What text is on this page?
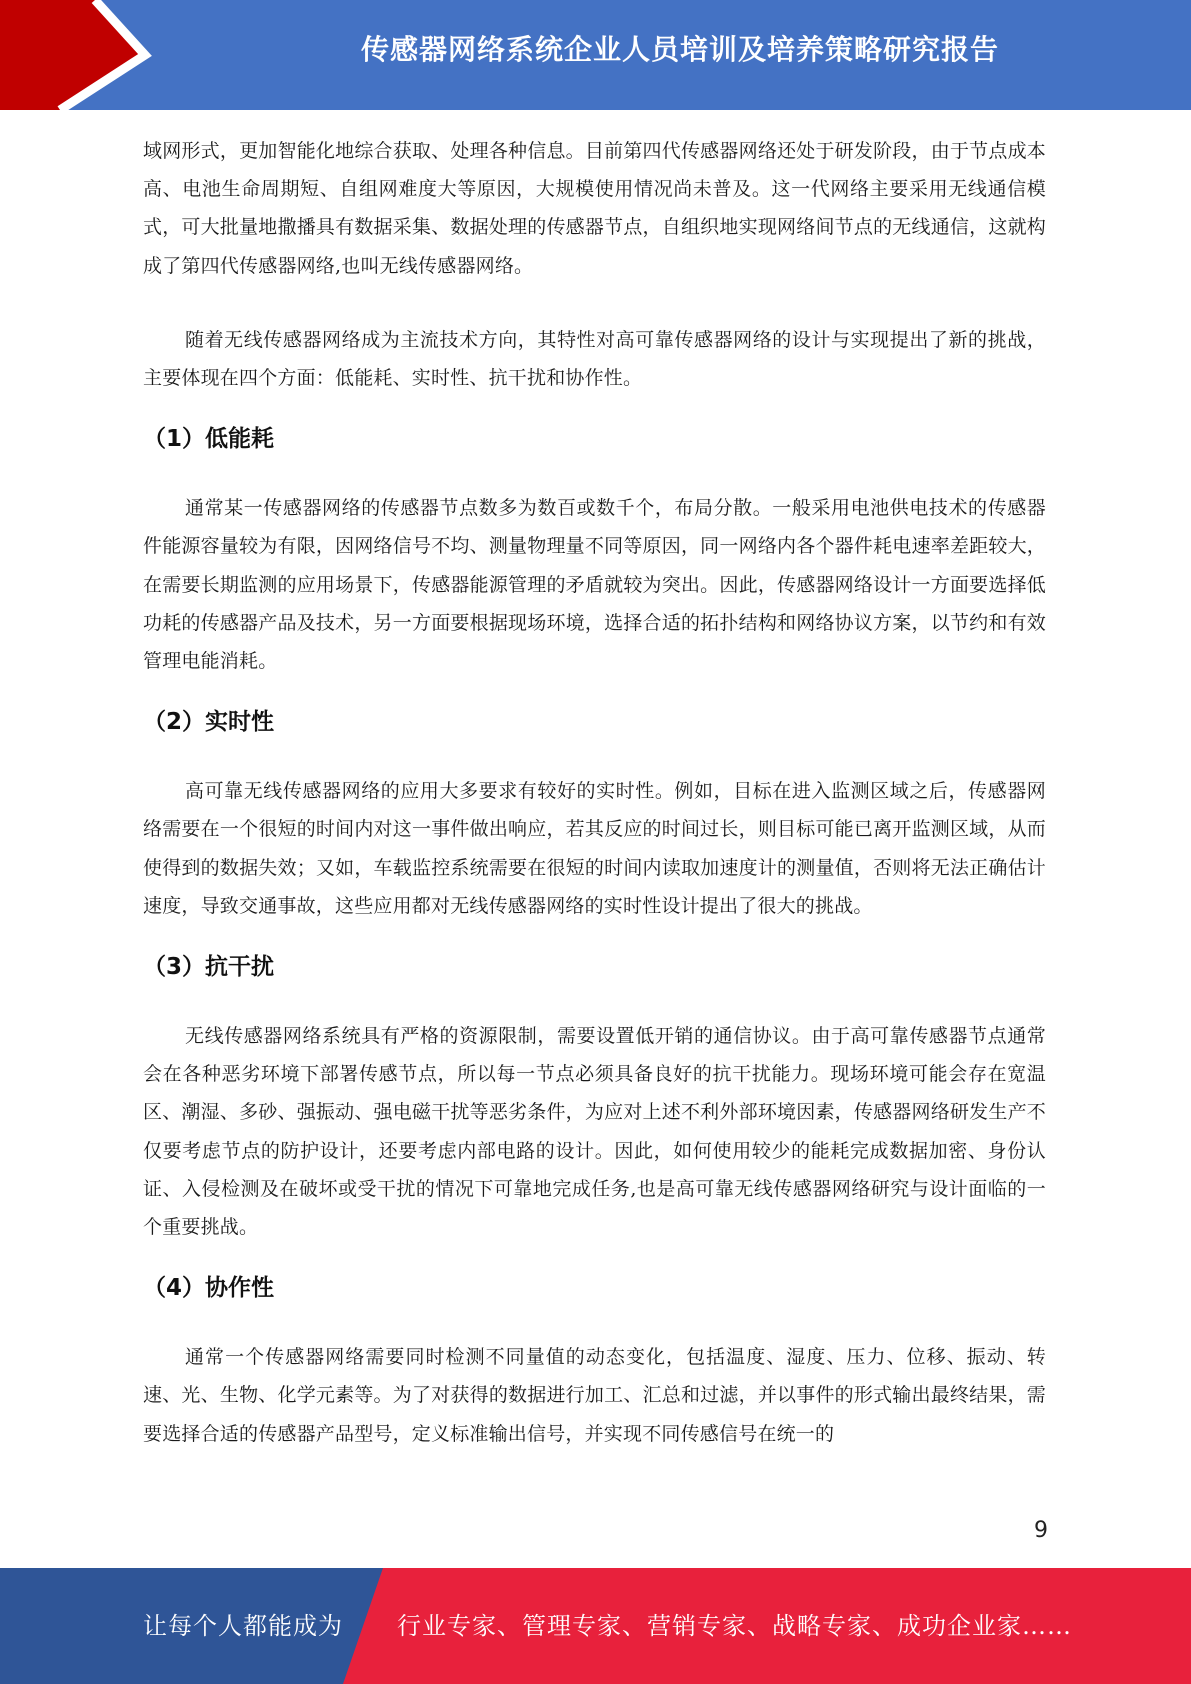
传感器网络系统企业人员培训及培养策略研究报告

域网形式，更加智能化地综合获取、处理各种信息。目前第四代传感器网络还处于研发阶段，由于节点成本高、电池生命周期短、自组网难度大等原因，大规模使用情况尚未普及。这一代网络主要采用无线通信模式，可大批量地撒播具有数据采集、数据处理的传感器节点，自组织地实现网络间节点的无线通信，这就构成了第四代传感器网络,也叫无线传感器网络。

随着无线传感器网络成为主流技术方向，其特性对高可靠传感器网络的设计与实现提出了新的挑战，主要体现在四个方面：低能耗、实时性、抗干扰和协作性。

（1）低能耗

通常某一传感器网络的传感器节点数多为数百或数千个，布局分散。一般采用电池供电技术的传感器件能源容量较为有限，因网络信号不均、测量物理量不同等原因，同一网络内各个器件耗电速率差距较大，在需要长期监测的应用场景下，传感器能源管理的矛盾就较为突出。因此，传感器网络设计一方面要选择低功耗的传感器产品及技术，另一方面要根据现场环境，选择合适的拓扑结构和网络协议方案，以节约和有效管理电能消耗。

（2）实时性

高可靠无线传感器网络的应用大多要求有较好的实时性。例如，目标在进入监测区域之后，传感器网络需要在一个很短的时间内对这一事件做出响应，若其反应的时间过长，则目标可能已离开监测区域，从而使得到的数据失效；又如，车载监控系统需要在很短的时间内读取加速度计的测量值，否则将无法正确估计速度，导致交通事故，这些应用都对无线传感器网络的实时性设计提出了很大的挑战。

（3）抗干扰

无线传感器网络系统具有严格的资源限制，需要设置低开销的通信协议。由于高可靠传感器节点通常会在各种恶劣环境下部署传感节点，所以每一节点必须具备良好的抗干扰能力。现场环境可能会存在宽温区、潮湿、多砂、强振动、强电磁干扰等恶劣条件，为应对上述不利外部环境因素，传感器网络研发生产不仅要考虑节点的防护设计，还要考虑内部电路的设计。因此，如何使用较少的能耗完成数据加密、身份认证、入侵检测及在破坏或受干扰的情况下可靠地完成任务,也是高可靠无线传感器网络研究与设计面临的一个重要挑战。

（4）协作性

通常一个传感器网络需要同时检测不同量值的动态变化，包括温度、湿度、压力、位移、振动、转速、光、生物、化学元素等。为了对获得的数据进行加工、汇总和过滤，并以事件的形式输出最终结果，需要选择合适的传感器产品型号，定义标准输出信号，并实现不同传感信号在统一的

9
让每个人都能成为 行业专家、管理专家、营销专家、战略专家、成功企业家……
